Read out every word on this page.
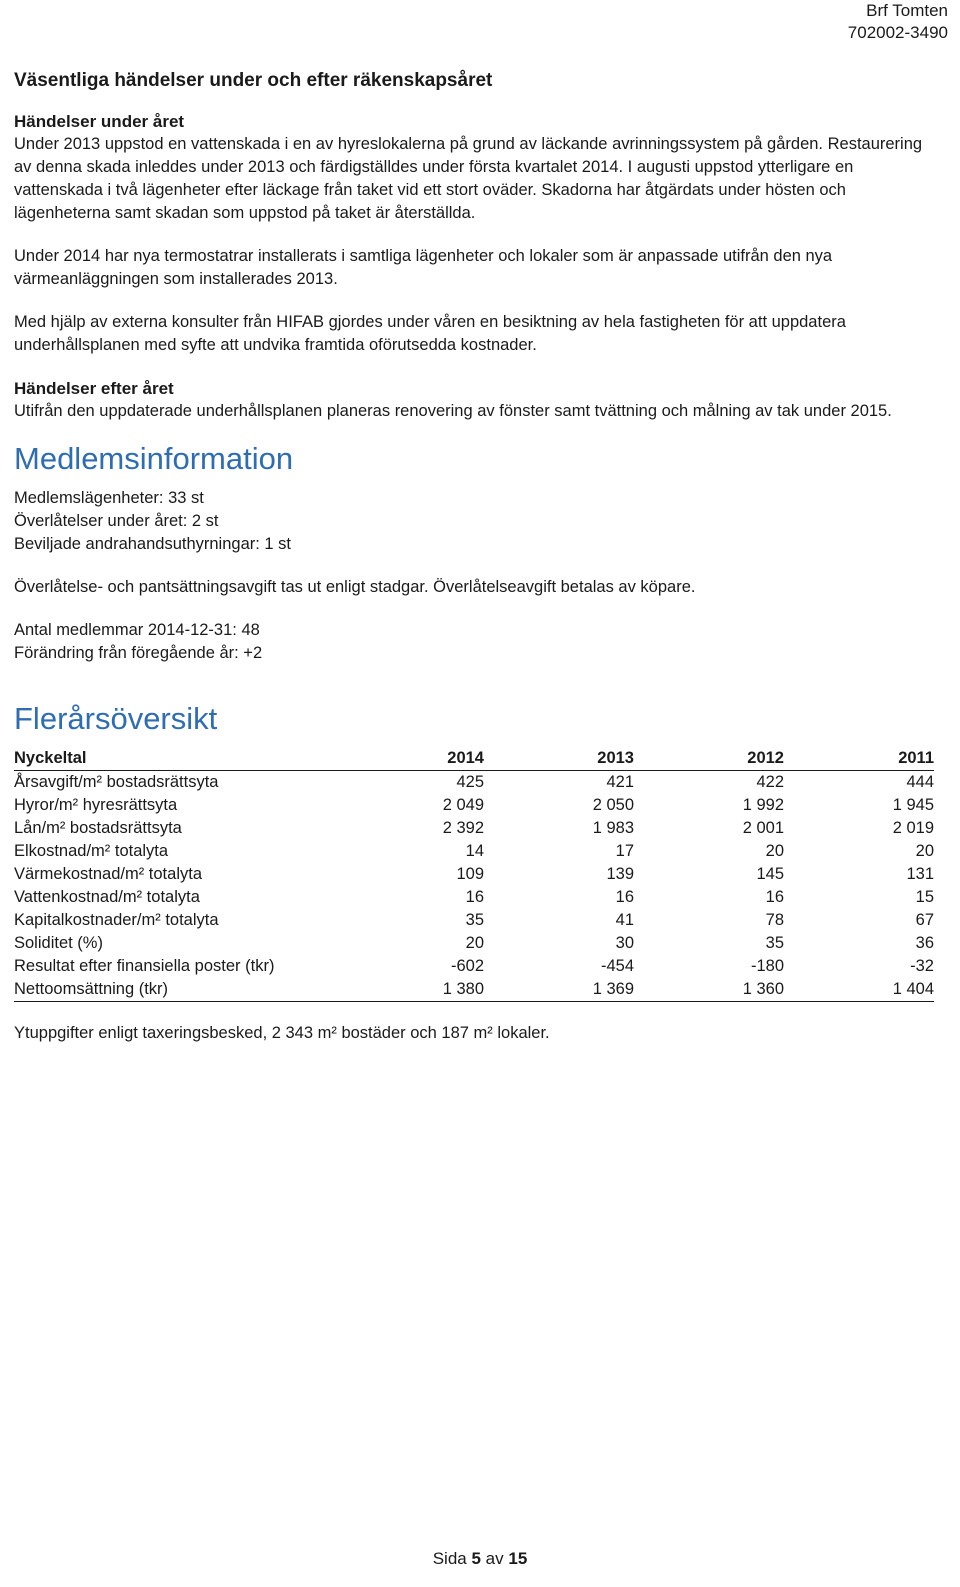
Brf Tomten
702002-3490
Väsentliga händelser under och efter räkenskapsåret
Händelser under året

Under 2013 uppstod en vattenskada i en av hyreslokalerna på grund av läckande avrinningssystem på gården. Restaurering av denna skada inleddes under 2013 och färdigställdes under första kvartalet 2014. I augusti uppstod ytterligare en vattenskada i två lägenheter efter läckage från taket vid ett stort oväder. Skadorna har åtgärdats under hösten och lägenheterna samt skadan som uppstod på taket är återställda.

Under 2014 har nya termostatrar installerats i samtliga lägenheter och lokaler som är anpassade utifrån den nya värmeanläggningen som installerades 2013.

Med hjälp av externa konsulter från HIFAB gjordes under våren en besiktning av hela fastigheten för att uppdatera underhållsplanen med syfte att undvika framtida oförutsedda kostnader.

Händelser efter året

Utifrån den uppdaterade underhållsplanen planeras renovering av fönster samt tvättning och målning av tak under 2015.

Medlemsinformation

Medlemslägenheter: 33 st

Överlåtelser under året: 2 st

Beviljade andrahandsuthyrningar: 1 st

Överlåtelse- och pantsättningsavgift tas ut enligt stadgar. Överlåtelseavgift betalas av köpare.

Antal medlemmar 2014-12-31: 48

Förändring från föregående år: +2

Flerårsöversikt
Nyckeltal	2014	2013	2012	2011
Årsavgift/m² bostadsrättsyta	425	421	422	444
Hyror/m² hyresrättsyta	2 049	2 050	1 992	1 945
Lån/m² bostadsrättsyta	2 392	1 983	2 001	2 019
Elkostnad/m² totalyta	14	17	20	20
Värmekostnad/m² totalyta	109	139	145	131
Vattenkostnad/m² totalyta	16	16	16	15
Kapitalkostnader/m² totalyta	35	41	78	67
Soliditet (%)	20	30	35	36
Resultat efter finansiella poster (tkr)	-602	-454	-180	-32
Nettoomsättning (tkr)	1 380	1 369	1 360	1 404

Ytuppgifter enligt taxeringsbesked, 2 343 m² bostäder och 187 m² lokaler.

Sida 5 av 15
